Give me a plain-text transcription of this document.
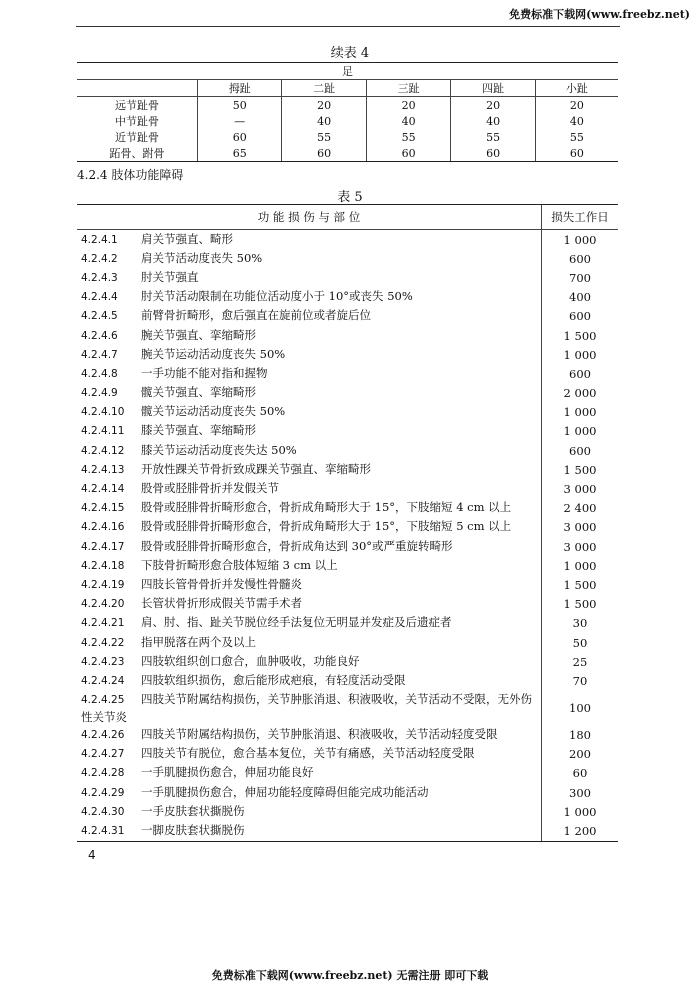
免费标准下载网(www.freebz.net)
续表 4
足					
	拇趾	二趾	三趾	四趾	小趾
远节趾骨	50	20	20	20	20
中节趾骨	—	40	40	40	40
近节趾骨	60	55	55	55	55
跖骨、跗骨	65	60	60	60	60
4.2.4 肢体功能障碍
表 5
功 能 损 伤 与 部 位	损失工作日
4.2.4.1 肩关节强直、畸形	1 000
4.2.4.2 肩关节活动度丧失 50%	600
4.2.4.3 肘关节强直	700
4.2.4.4 肘关节活动限制在功能位活动度小于 10°或丧失 50%	400
4.2.4.5 前臂骨折畸形，愈后强直在旋前位或者旋后位	600
4.2.4.6 腕关节强直、挛缩畸形	1 500
4.2.4.7 腕关节运动活动度丧失 50%	1 000
4.2.4.8 一手功能不能对指和握物	600
4.2.4.9 髋关节强直、挛缩畸形	2 000
4.2.4.10 髋关节运动活动度丧失 50%	1 000
4.2.4.11 膝关节强直、挛缩畸形	1 000
4.2.4.12 膝关节运动活动度丧失达 50%	600
4.2.4.13 开放性踝关节骨折致成踝关节强直、挛缩畸形	1 500
4.2.4.14 股骨或胫腓骨折并发假关节	3 000
4.2.4.15 股骨或胫腓骨折畸形愈合，骨折成角畸形大于 15°，下肢缩短 4 cm 以上	2 400
4.2.4.16 股骨或胫腓骨折畸形愈合，骨折成角畸形大于 15°，下肢缩短 5 cm 以上	3 000
4.2.4.17 股骨或胫腓骨折畸形愈合，骨折成角达到 30°或严重旋转畸形	3 000
4.2.4.18 下肢骨折畸形愈合肢体短缩 3 cm 以上	1 000
4.2.4.19 四肢长管骨骨折并发慢性骨髓炎	1 500
4.2.4.20 长管状骨折形成假关节需手术者	1 500
4.2.4.21 肩、肘、指、趾关节脱位经手法复位无明显并发症及后遗症者	30
4.2.4.22 指甲脱落在两个及以上	50
4.2.4.23 四肢软组织创口愈合，血肿吸收，功能良好	25
4.2.4.24 四肢软组织损伤，愈后能形成疤痕，有轻度活动受限	70
4.2.4.25 四肢关节附属结构损伤，关节肿胀消退、积液吸收，关节活动不受限，无外伤性关节炎	100
4.2.4.26 四肢关节附属结构损伤，关节肿胀消退、积液吸收，关节活动轻度受限	180
4.2.4.27 四肢关节有脱位，愈合基本复位，关节有痛感，关节活动轻度受限	200
4.2.4.28 一手肌腱损伤愈合，伸屈功能良好	60
4.2.4.29 一手肌腱损伤愈合，伸屈功能轻度障碍但能完成功能活动	300
4.2.4.30 一手皮肤套状撕脱伤	1 000
4.2.4.31 一脚皮肤套状撕脱伤	1 200
4
免费标准下载网(www.freebz.net) 无需注册 即可下载
